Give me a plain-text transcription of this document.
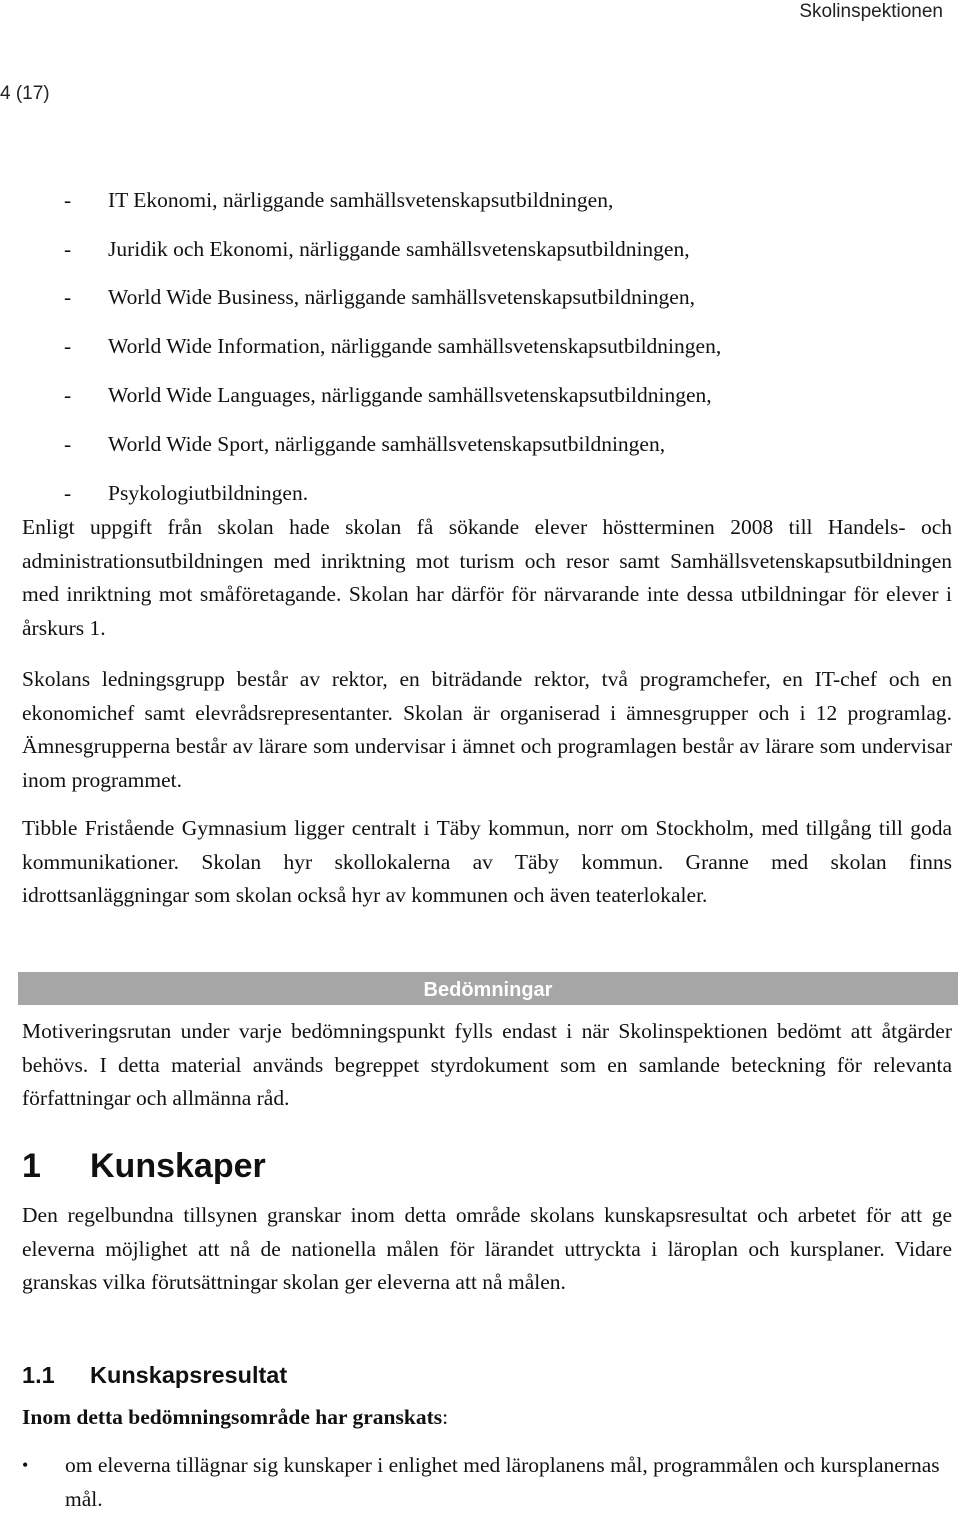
Skolinspektionen
4 (17)
-	IT Ekonomi, närliggande samhällsvetenskapsutbildningen,
-	Juridik och Ekonomi, närliggande samhällsvetenskapsutbildningen,
-	World Wide Business, närliggande samhällsvetenskapsutbildningen,
-	World Wide Information, närliggande samhällsvetenskapsutbildningen,
-	World Wide Languages, närliggande samhällsvetenskapsutbildningen,
-	World Wide Sport, närliggande samhällsvetenskapsutbildningen,
-	Psykologiutbildningen.

Enligt uppgift från skolan hade skolan få sökande elever höstterminen 2008 till Handels- och administrationsutbildningen med inriktning mot turism och resor samt Samhällsvetenskapsutbildningen med inriktning mot småföretagande. Skolan har därför för närvarande inte dessa utbildningar för elever i årskurs 1.

Skolans ledningsgrupp består av rektor, en biträdande rektor, två programchefer, en IT-chef och en ekonomichef samt elevrådsrepresentanter. Skolan är organiserad i ämnesgrupper och i 12 programlag. Ämnesgrupperna består av lärare som undervisar i ämnet och programlagen består av lärare som undervisar inom programmet.

Tibble Fristående Gymnasium ligger centralt i Täby kommun, norr om Stockholm, med tillgång till goda kommunikationer. Skolan hyr skollokalerna av Täby kommun. Granne med skolan finns idrottsanläggningar som skolan också hyr av kommunen och även teaterlokaler.

Bedömningar

Motiveringsrutan under varje bedömningspunkt fylls endast i när Skolinspektionen bedömt att åtgärder behövs. I detta material används begreppet styrdokument som en samlande beteckning för relevanta författningar och allmänna råd.

1 Kunskaper

Den regelbundna tillsynen granskar inom detta område skolans kunskapsresultat och arbetet för att ge eleverna möjlighet att nå de nationella målen för lärandet uttryckta i läroplan och kursplaner. Vidare granskas vilka förutsättningar skolan ger eleverna att nå målen.

1.1 Kunskapsresultat

Inom detta bedömningsområde har granskats:

•	om eleverna tillägnar sig kunskaper i enlighet med läroplanens mål, programmålen och kursplanernas mål.
